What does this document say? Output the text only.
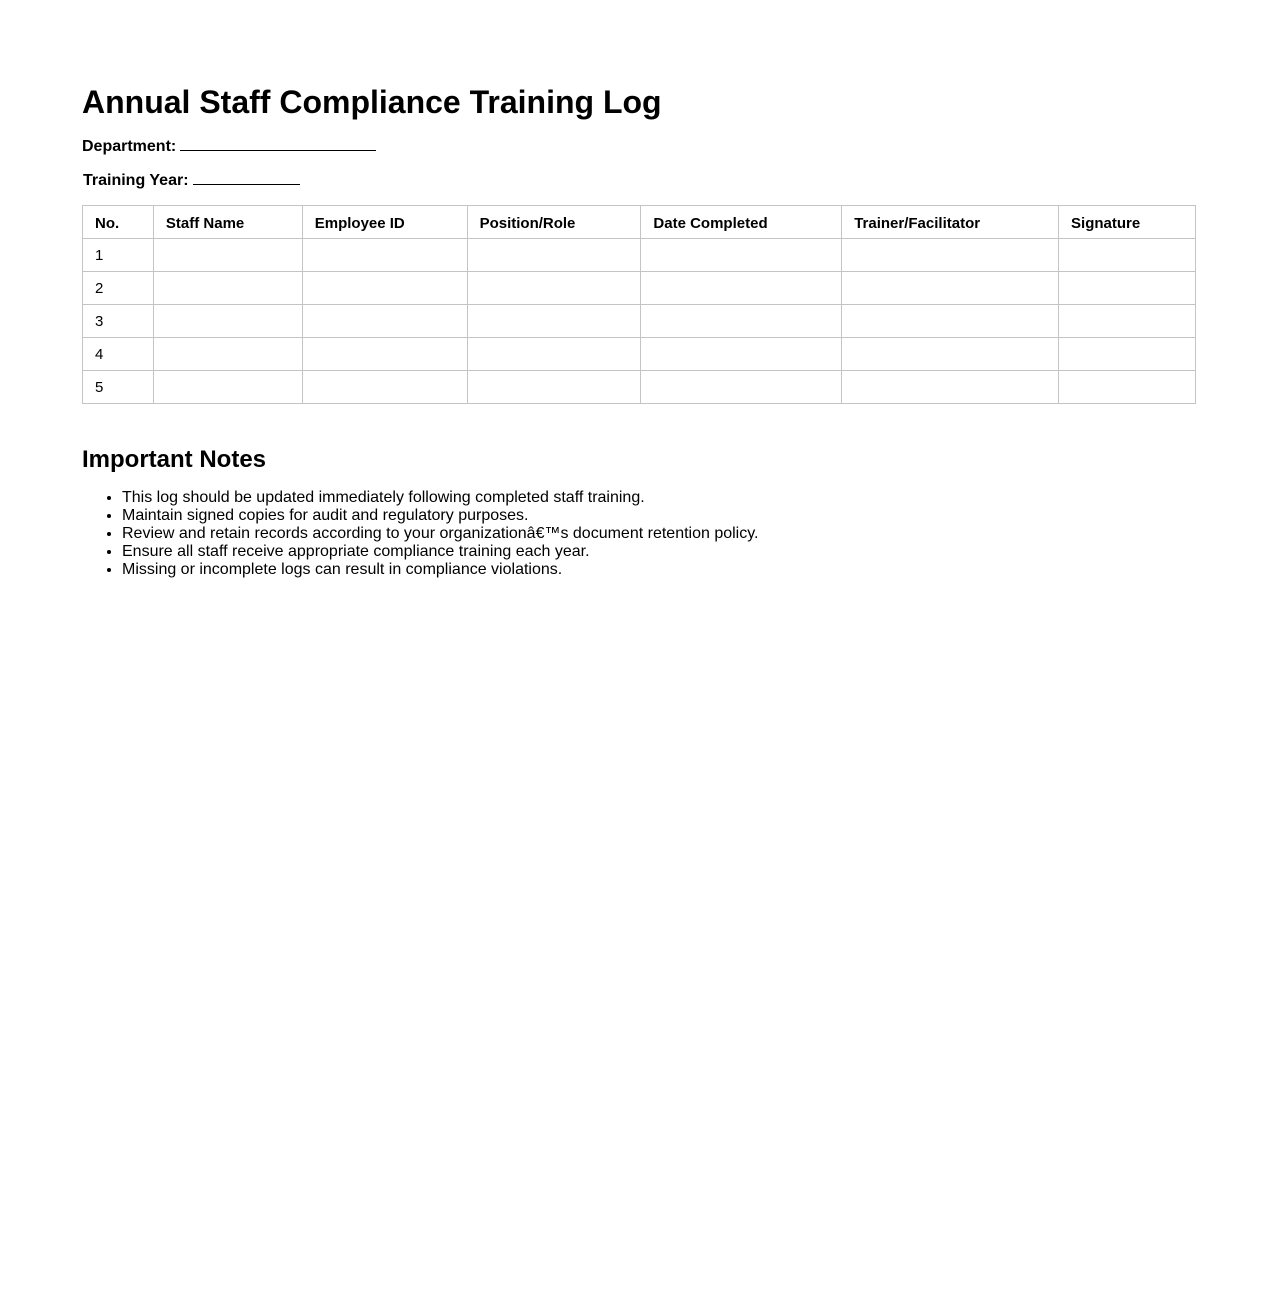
Annual Staff Compliance Training Log
Department:
Training Year:
No.	Staff Name	Employee ID	Position/Role	Date Completed	Trainer/Facilitator	Signature
1						
2						
3						
4						
5						
Important Notes
• This log should be updated immediately following completed staff training.
• Maintain signed copies for audit and regulatory purposes.
• Review and retain records according to your organizationâ€™s document retention policy.
• Ensure all staff receive appropriate compliance training each year.
• Missing or incomplete logs can result in compliance violations.
